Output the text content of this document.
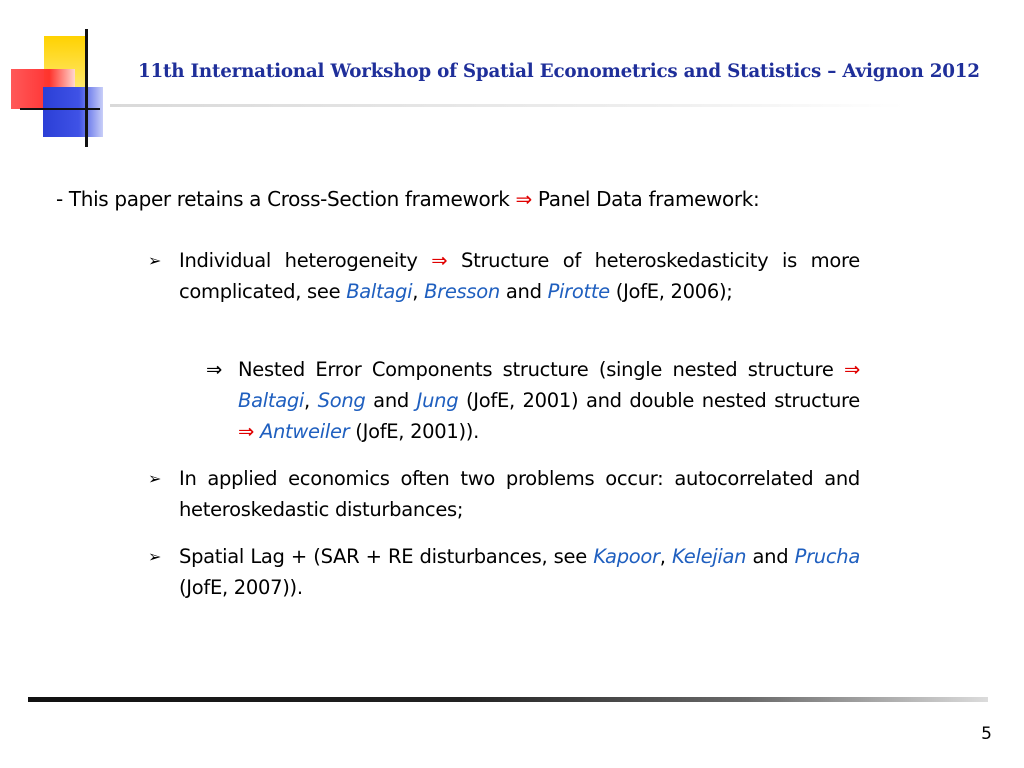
11th International Workshop of Spatial Econometrics and Statistics – Avignon 2012
- This paper retains a Cross-Section framework ⇒ Panel Data framework:
➢ Individual heterogeneity ⇒ Structure of heteroskedasticity is more complicated, see Baltagi, Bresson and Pirotte (JofE, 2006);
⇒ Nested Error Components structure (single nested structure ⇒ Baltagi, Song and Jung (JofE, 2001) and double nested structure ⇒ Antweiler (JofE, 2001)).
➢ In applied economics often two problems occur: autocorrelated and heteroskedastic disturbances;
➢ Spatial Lag + (SAR + RE disturbances, see Kapoor, Kelejian and Prucha (JofE, 2007)).
5
